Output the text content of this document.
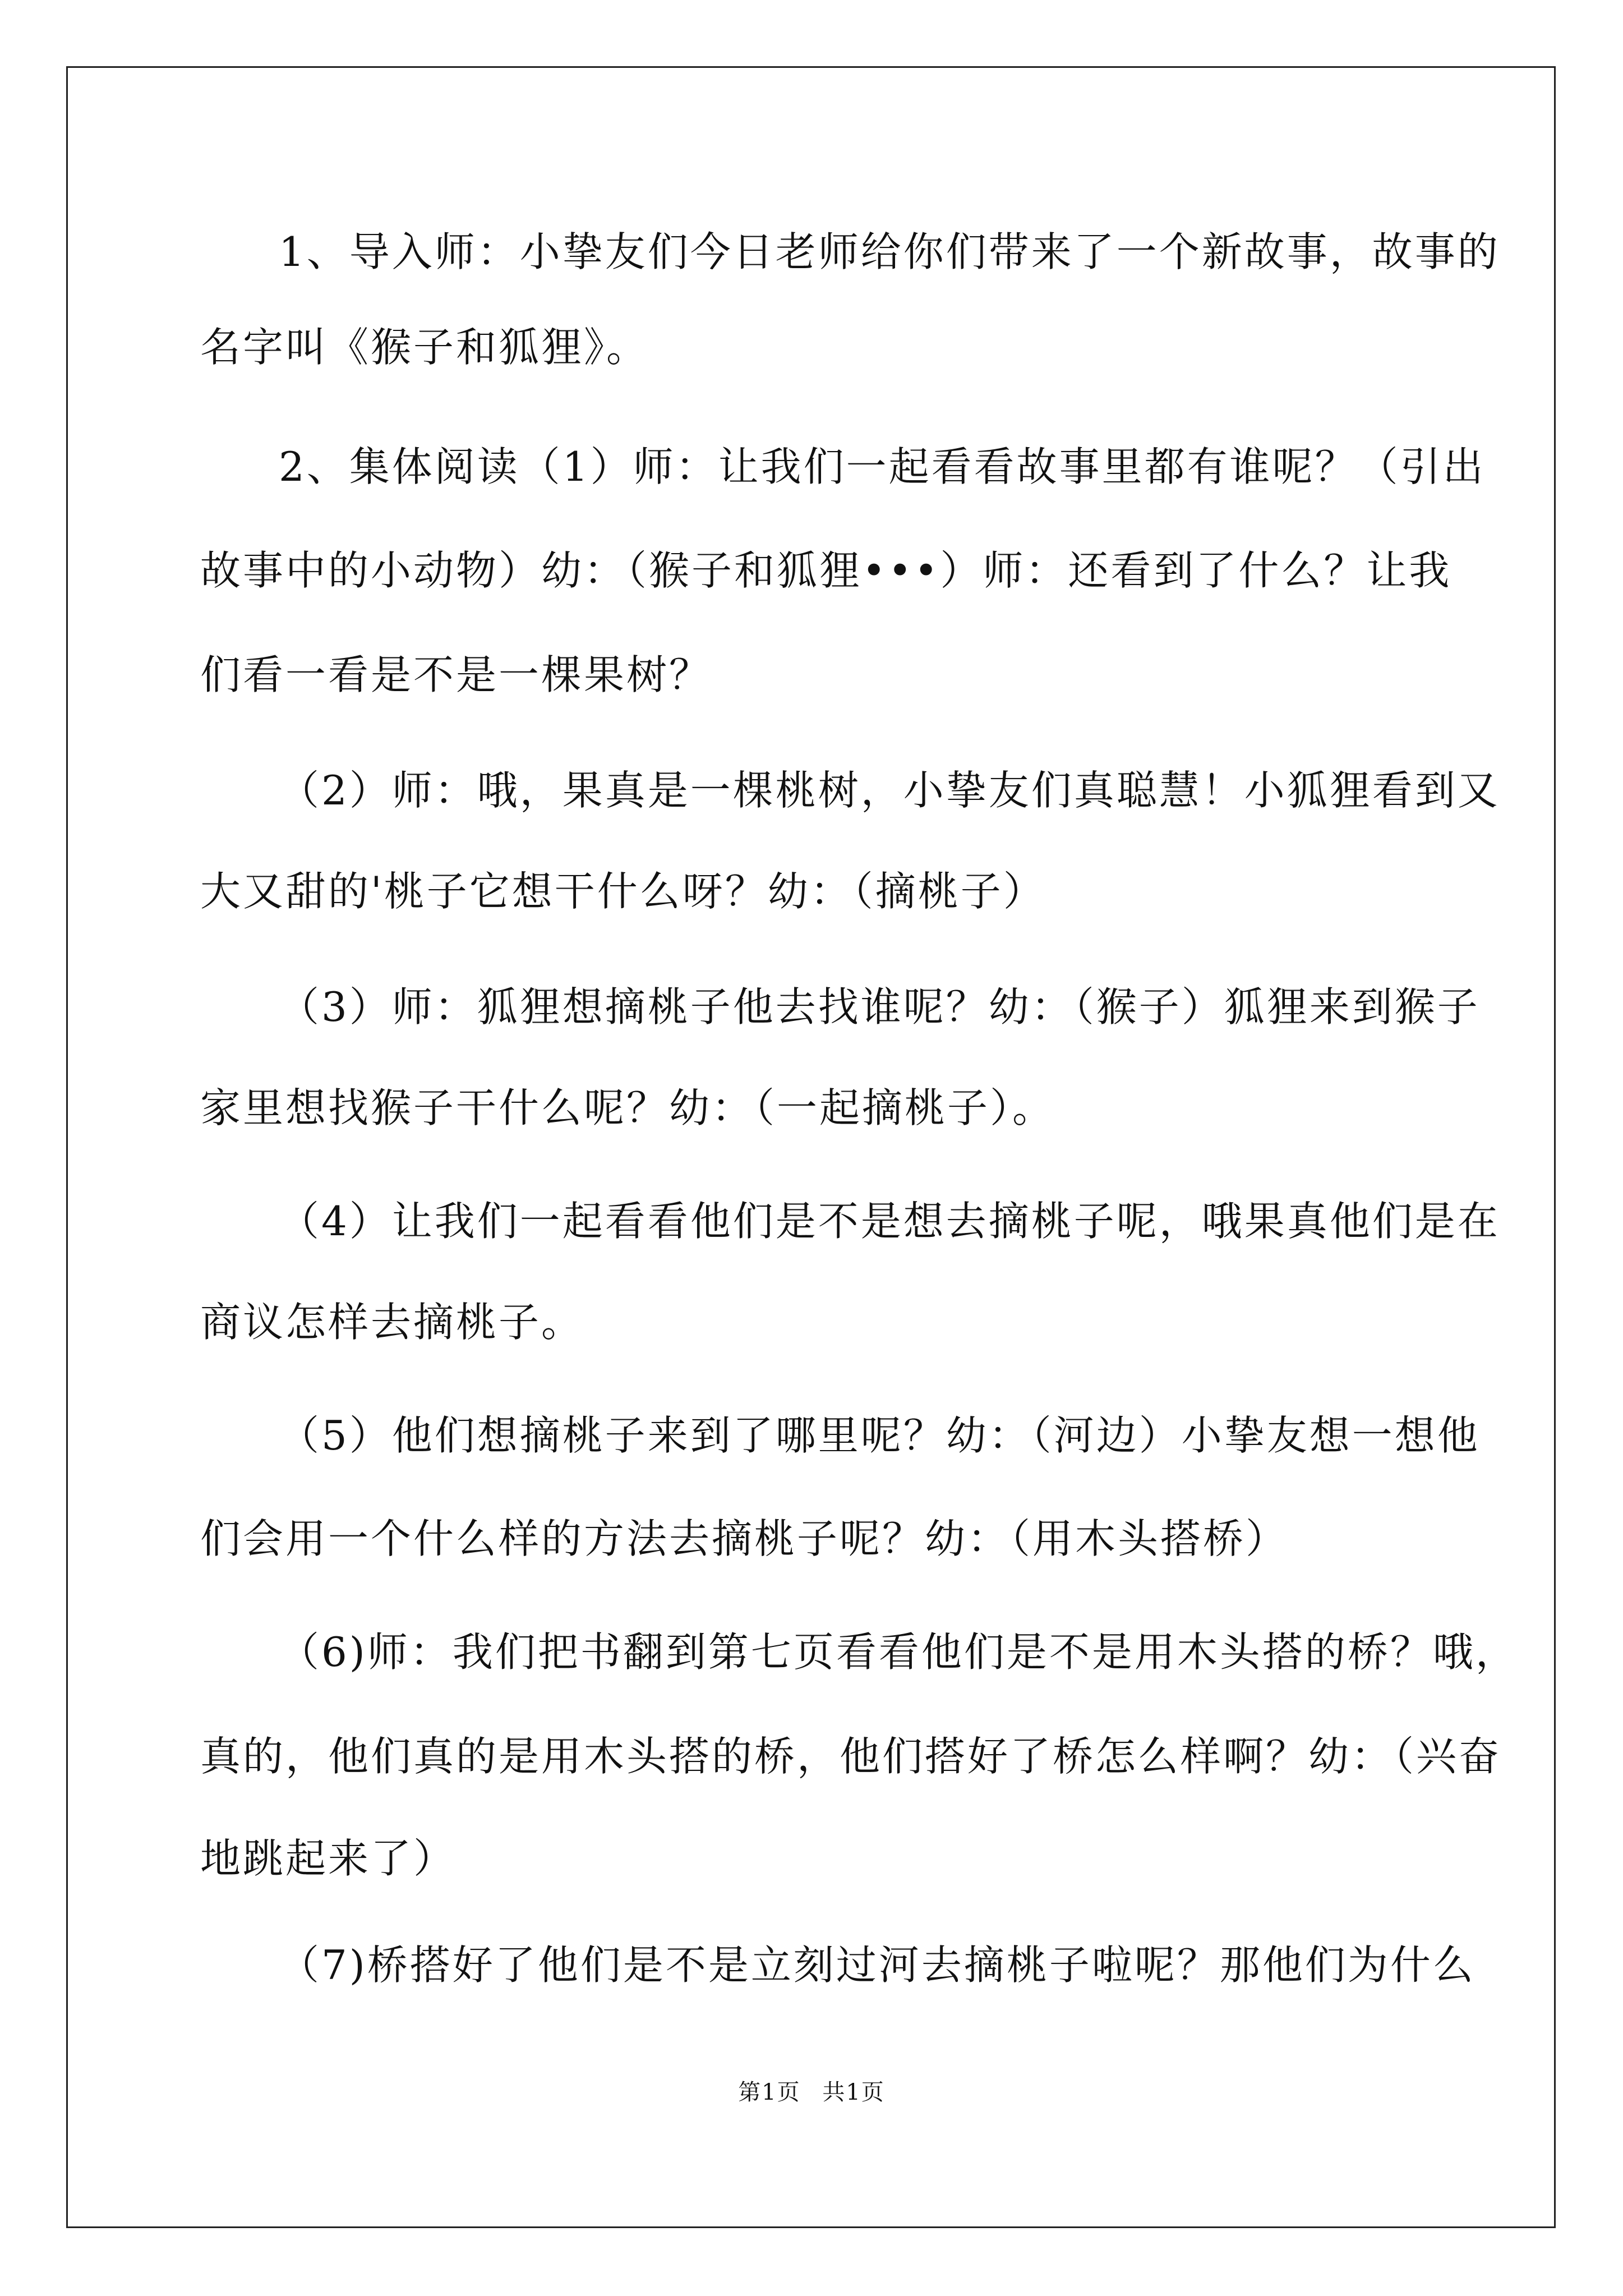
1、导入师：小挚友们今日老师给你们带来了一个新故事，故事的

名字叫《猴子和狐狸》。

2、集体阅读（1）师：让我们一起看看故事里都有谁呢？（引出

故事中的小动物）幼：（猴子和狐狸•••）师：还看到了什么？让我

们看一看是不是一棵果树？

（2）师：哦，果真是一棵桃树，小挚友们真聪慧！小狐狸看到又

大又甜的'桃子它想干什么呀？幼：（摘桃子）

（3）师：狐狸想摘桃子他去找谁呢？幼：（猴子）狐狸来到猴子

家里想找猴子干什么呢？幼：（一起摘桃子）。

（4）让我们一起看看他们是不是想去摘桃子呢，哦果真他们是在

商议怎样去摘桃子。

（5）他们想摘桃子来到了哪里呢？幼：（河边）小挚友想一想他

们会用一个什么样的方法去摘桃子呢？幼：（用木头搭桥）

（6)师：我们把书翻到第七页看看他们是不是用木头搭的桥？哦，

真的，他们真的是用木头搭的桥，他们搭好了桥怎么样啊？幼：（兴奋

地跳起来了）

（7)桥搭好了他们是不是立刻过河去摘桃子啦呢？那他们为什么

第1页 共1页
